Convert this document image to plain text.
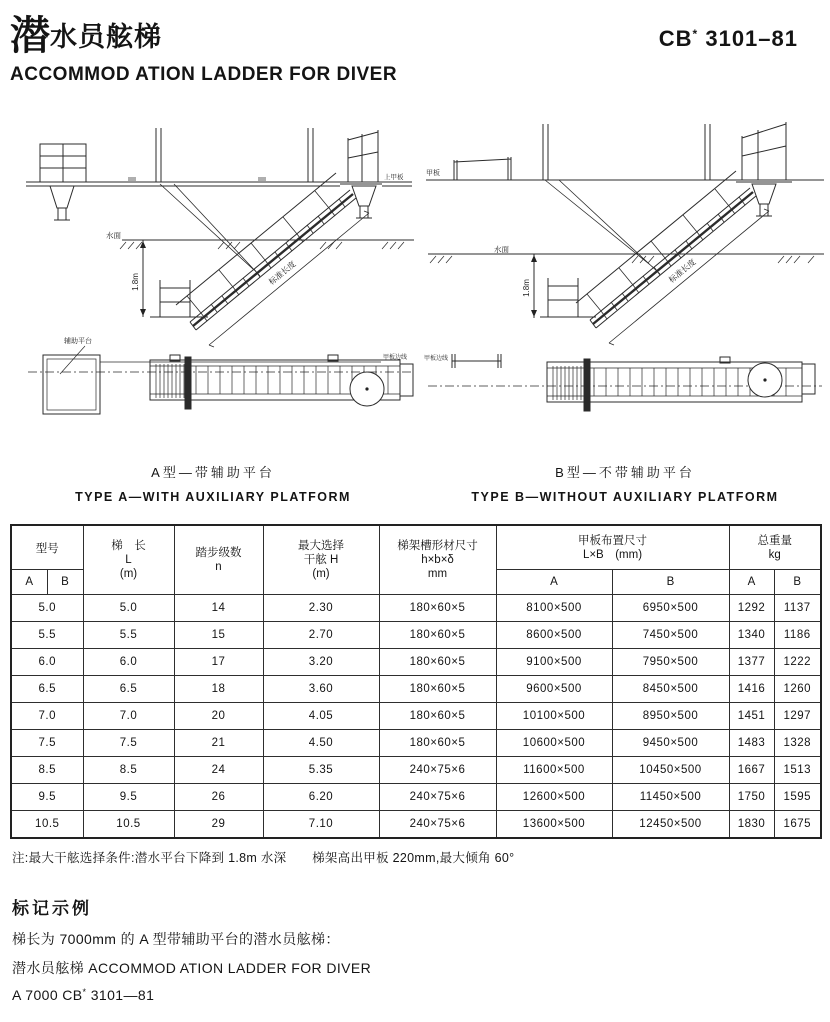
潜水员舷梯	CB* 3101–81
ACCOMMOD ATION LADDER FOR DIVER
上甲板
水面
1.8m	标准长度
辅助平台
甲板边线
A型—带辅助平台
TYPE A—WITH AUXILIARY PLATFORM
甲板
水面
1.8m
标准长度
甲板边线
B型—不带辅助平台
TYPE B—WITHOUT AUXILIARY PLATFORM
型号	梯　长
L
(m)

踏步级数
n

最大选择
干舷 H
(m)

梯架槽形材尺寸
h×b×δ
mm

甲板布置尺寸
L×B　(mm)

总重量
kg

A	B					A	B	A	B
5.0		5.0	14	2.30	180×60×5	8100×500	6950×500	1292	1137
5.5		5.5	15	2.70	180×60×5	8600×500	7450×500	1340	1186
6.0		6.0	17	3.20	180×60×5	9100×500	7950×500	1377	1222
6.5		6.5	18	3.60	180×60×5	9600×500	8450×500	1416	1260
7.0		7.0	20	4.05	180×60×5	10100×500	8950×500	1451	1297
7.5		7.5	21	4.50	180×60×5	10600×500	9450×500	1483	1328
8.5		8.5	24	5.35	240×75×6	11600×500	10450×500	1667	1513
9.5		9.5	26	6.20	240×75×6	12600×500	11450×500	1750	1595
10.5		10.5	29	7.10	240×75×6	13600×500	12450×500	1830	1675

注:最大干舷选择条件:潜水平台下降到 1.8m 水深　　梯架高出甲板 220mm,最大倾角 60°

标记示例

梯长为 7000mm 的 A 型带辅助平台的潜水员舷梯：

潜水员舷梯 ACCOMMOD ATION LADDER FOR DIVER

A 7000 CB* 3101—81
